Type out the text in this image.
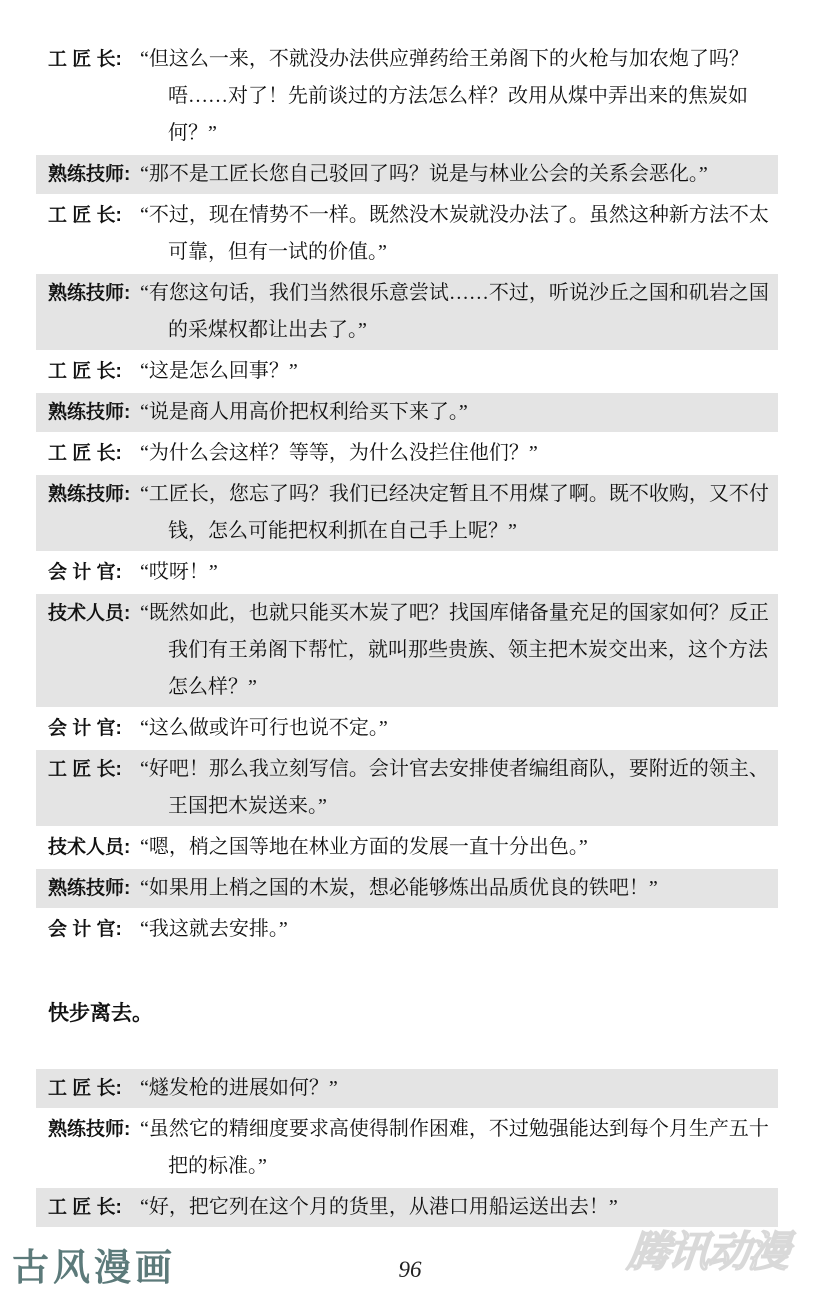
工 匠 长: “但这么一来，不就没办法供应弹药给王弟阁下的火枪与加农炮了吗？唔……对了！先前谈过的方法怎么样？改用从煤中弄出来的焦炭如何？”
熟练技师: “那不是工匠长您自己驳回了吗？说是与林业公会的关系会恶化。”
工 匠 长: “不过，现在情势不一样。既然没木炭就没办法了。虽然这种新方法不太可靠，但有一试的价值。”
熟练技师: “有您这句话，我们当然很乐意尝试……不过，听说沙丘之国和矶岩之国的采煤权都让出去了。”
工 匠 长: “这是怎么回事？”
熟练技师: “说是商人用高价把权利给买下来了。”
工 匠 长: “为什么会这样？等等，为什么没拦住他们？”
熟练技师: “工匠长，您忘了吗？我们已经决定暂且不用煤了啊。既不收购，又不付钱，怎么可能把权利抓在自己手上呢？”
会 计 官: “哎呀！”
技术人员: “既然如此，也就只能买木炭了吧？找国库储备量充足的国家如何？反正我们有王弟阁下帮忙，就叫那些贵族、领主把木炭交出来，这个方法怎么样？”
会 计 官: “这么做或许可行也说不定。”
工 匠 长: “好吧！那么我立刻写信。会计官去安排使者编组商队，要附近的领主、王国把木炭送来。”
技术人员: “嗯，梢之国等地在林业方面的发展一直十分出色。”
熟练技师: “如果用上梢之国的木炭，想必能够炼出品质优良的铁吧！”
会 计 官: “我这就去安排。”
快步离去。
工 匠 长: “燧发枪的进展如何？”
熟练技师: “虽然它的精细度要求高使得制作困难，不过勉强能达到每个月生产五十把的标准。”
工 匠 长: “好，把它列在这个月的货里，从港口用船运送出去！”
古风漫画	96	腾讯动漫
